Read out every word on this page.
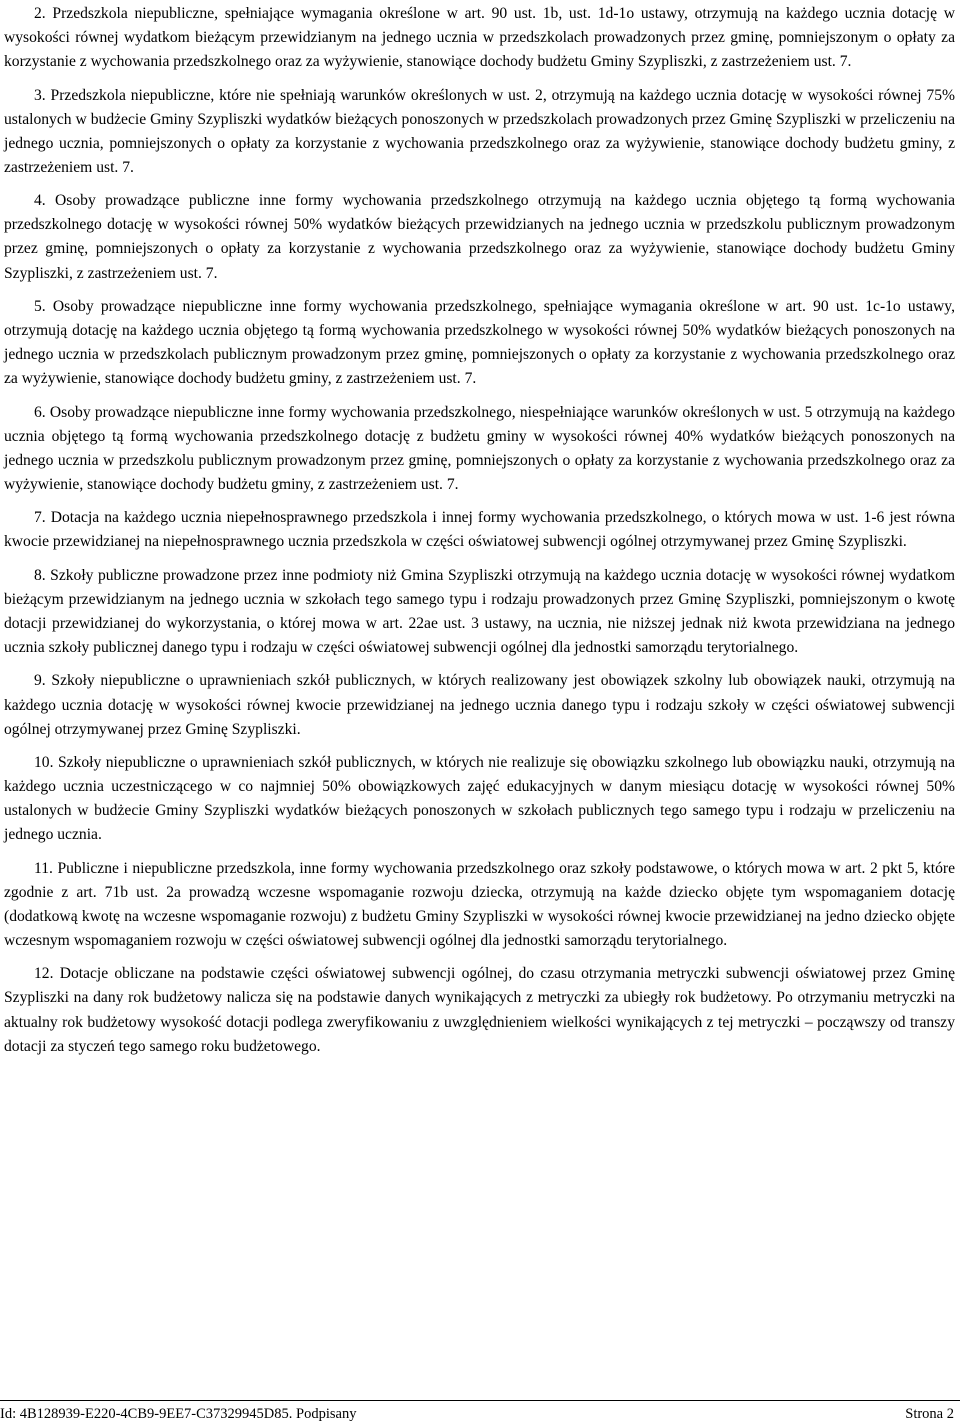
2. Przedszkola niepubliczne, spełniające wymagania określone w art. 90 ust. 1b, ust. 1d-1o ustawy, otrzymują na każdego ucznia dotację w wysokości równej wydatkom bieżącym przewidzianym na jednego ucznia w przedszkolach prowadzonych przez gminę, pomniejszonym o opłaty za korzystanie z wychowania przedszkolnego oraz za wyżywienie, stanowiące dochody budżetu Gminy Szypliszki, z zastrzeżeniem ust. 7.

3. Przedszkola niepubliczne, które nie spełniają warunków określonych w ust. 2, otrzymują na każdego ucznia dotację w wysokości równej 75% ustalonych w budżecie Gminy Szypliszki wydatków bieżących ponoszonych w przedszkolach prowadzonych przez Gminę Szypliszki w przeliczeniu na jednego ucznia, pomniejszonych o opłaty za korzystanie z wychowania przedszkolnego oraz za wyżywienie, stanowiące dochody budżetu gminy, z zastrzeżeniem ust. 7.

4. Osoby prowadzące publiczne inne formy wychowania przedszkolnego otrzymują na każdego ucznia objętego tą formą wychowania przedszkolnego dotację w wysokości równej 50% wydatków bieżących przewidzianych na jednego ucznia w przedszkolu publicznym prowadzonym przez gminę, pomniejszonych o opłaty za korzystanie z wychowania przedszkolnego oraz za wyżywienie, stanowiące dochody budżetu Gminy Szypliszki, z zastrzeżeniem ust. 7.

5. Osoby prowadzące niepubliczne inne formy wychowania przedszkolnego, spełniające wymagania określone w art. 90 ust. 1c-1o ustawy, otrzymują dotację na każdego ucznia objętego tą formą wychowania przedszkolnego w wysokości równej 50% wydatków bieżących ponoszonych na jednego ucznia w przedszkolach publicznym prowadzonym przez gminę, pomniejszonych o opłaty za korzystanie z wychowania przedszkolnego oraz za wyżywienie, stanowiące dochody budżetu gminy, z zastrzeżeniem ust. 7.

6. Osoby prowadzące niepubliczne inne formy wychowania przedszkolnego, niespełniające warunków określonych w ust. 5 otrzymują na każdego ucznia objętego tą formą wychowania przedszkolnego dotację z budżetu gminy w wysokości równej 40% wydatków bieżących ponoszonych na jednego ucznia w przedszkolu publicznym prowadzonym przez gminę, pomniejszonych o opłaty za korzystanie z wychowania przedszkolnego oraz za wyżywienie, stanowiące dochody budżetu gminy, z zastrzeżeniem ust. 7.

7. Dotacja na każdego ucznia niepełnosprawnego przedszkola i innej formy wychowania przedszkolnego, o których mowa w ust. 1-6 jest równa kwocie przewidzianej na niepełnosprawnego ucznia przedszkola w części oświatowej subwencji ogólnej otrzymywanej przez Gminę Szypliszki.

8. Szkoły publiczne prowadzone przez inne podmioty niż Gmina Szypliszki otrzymują na każdego ucznia dotację w wysokości równej wydatkom bieżącym przewidzianym na jednego ucznia w szkołach tego samego typu i rodzaju prowadzonych przez Gminę Szypliszki, pomniejszonym o kwotę dotacji przewidzianej do wykorzystania, o której mowa w art. 22ae ust. 3 ustawy, na ucznia, nie niższej jednak niż kwota przewidziana na jednego ucznia szkoły publicznej danego typu i rodzaju w części oświatowej subwencji ogólnej dla jednostki samorządu terytorialnego.

9. Szkoły niepubliczne o uprawnieniach szkół publicznych, w których realizowany jest obowiązek szkolny lub obowiązek nauki, otrzymują na każdego ucznia dotację w wysokości równej kwocie przewidzianej na jednego ucznia danego typu i rodzaju szkoły w części oświatowej subwencji ogólnej otrzymywanej przez Gminę Szypliszki.

10. Szkoły niepubliczne o uprawnieniach szkół publicznych, w których nie realizuje się obowiązku szkolnego lub obowiązku nauki, otrzymują na każdego ucznia uczestniczącego w co najmniej 50% obowiązkowych zajęć edukacyjnych w danym miesiącu dotację w wysokości równej 50% ustalonych w budżecie Gminy Szypliszki wydatków bieżących ponoszonych w szkołach publicznych tego samego typu i rodzaju w przeliczeniu na jednego ucznia.

11. Publiczne i niepubliczne przedszkola, inne formy wychowania przedszkolnego oraz szkoły podstawowe, o których mowa w art. 2 pkt 5, które zgodnie z art. 71b ust. 2a prowadzą wczesne wspomaganie rozwoju dziecka, otrzymują na każde dziecko objęte tym wspomaganiem dotację (dodatkową kwotę na wczesne wspomaganie rozwoju) z budżetu Gminy Szypliszki w wysokości równej kwocie przewidzianej na jedno dziecko objęte wczesnym wspomaganiem rozwoju w części oświatowej subwencji ogólnej dla jednostki samorządu terytorialnego.

12. Dotacje obliczane na podstawie części oświatowej subwencji ogólnej, do czasu otrzymania metryczki subwencji oświatowej przez Gminę Szypliszki na dany rok budżetowy nalicza się na podstawie danych wynikających z metryczki za ubiegły rok budżetowy. Po otrzymaniu metryczki na aktualny rok budżetowy wysokość dotacji podlega zweryfikowaniu z uwzględnieniem wielkości wynikających z tej metryczki – począwszy od transzy dotacji za styczeń tego samego roku budżetowego.

Id: 4B128939-E220-4CB9-9EE7-C37329945D85. Podpisany	Strona 2
